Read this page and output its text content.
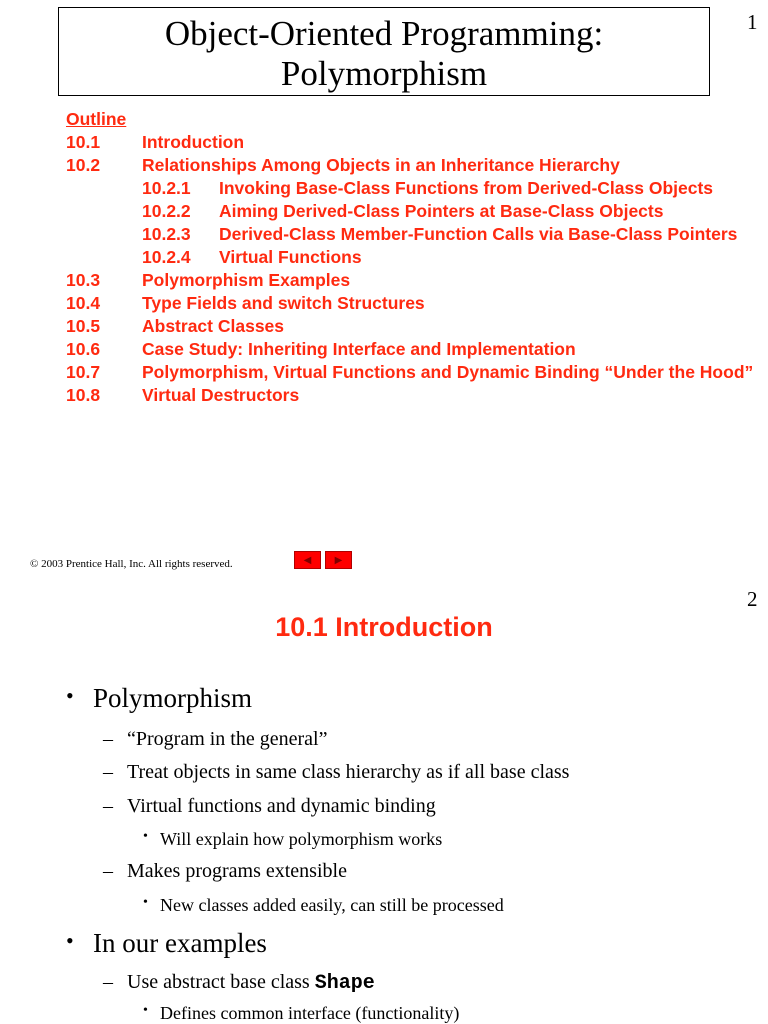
1
Object-Oriented Programming:
Polymorphism
Outline
10.1 Introduction
10.2 Relationships Among Objects in an Inheritance Hierarchy
10.2.1 Invoking Base-Class Functions from Derived-Class Objects
10.2.2 Aiming Derived-Class Pointers at Base-Class Objects
10.2.3 Derived-Class Member-Function Calls via Base-Class Pointers
10.2.4 Virtual Functions
10.3 Polymorphism Examples
10.4 Type Fields and switch Structures
10.5 Abstract Classes
10.6 Case Study: Inheriting Interface and Implementation
10.7 Polymorphism, Virtual Functions and Dynamic Binding “Under the Hood”
10.8 Virtual Destructors
© 2003 Prentice Hall, Inc. All rights reserved.	◀ ▶
2
10.1 Introduction
• Polymorphism
– “Program in the general”
– Treat objects in same class hierarchy as if all base class
– Virtual functions and dynamic binding
• Will explain how polymorphism works
– Makes programs extensible
• New classes added easily, can still be processed
• In our examples
– Use abstract base class Shape
• Defines common interface (functionality)
